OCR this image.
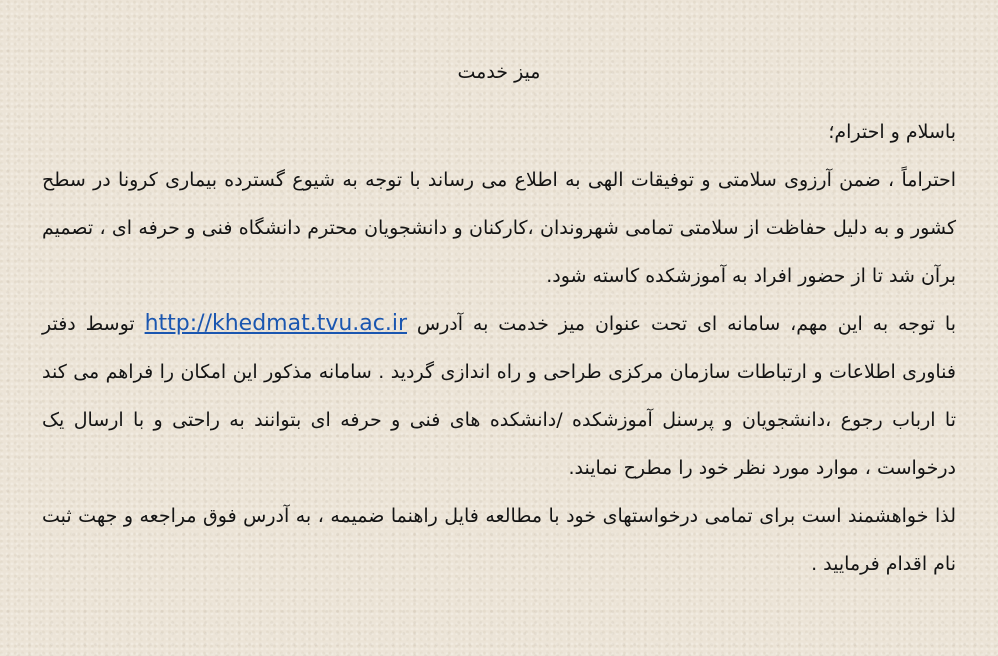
میز خدمت

باسلام و احترام؛

احتراماً ، ضمن آرزوی سلامتی و توفیقات الهی به اطلاع می رساند با توجه به شیوع گسترده بیماری کرونا در سطح کشور و به دلیل حفاظت از سلامتی تمامی شهروندان ،کارکنان و دانشجویان محترم دانشگاه فنی و حرفه ای ، تصمیم برآن شد تا از حضور افراد به آموزشکده کاسته شود.

با توجه به این مهم، سامانه ای تحت عنوان میز خدمت به آدرس http://khedmat.tvu.ac.ir توسط دفتر فناوری اطلاعات و ارتباطات سازمان مرکزی طراحی و راه اندازی گردید . سامانه مذکور این امکان را فراهم می کند تا ارباب رجوع ،دانشجویان و پرسنل آموزشکده /دانشکده های فنی و حرفه ای بتوانند به راحتی و با ارسال یک درخواست ، موارد مورد نظر خود را مطرح نمایند.

لذا خواهشمند است برای تمامی درخواستهای خود با مطالعه فایل راهنما ضمیمه ، به آدرس فوق مراجعه و جهت ثبت نام اقدام فرمایید .
